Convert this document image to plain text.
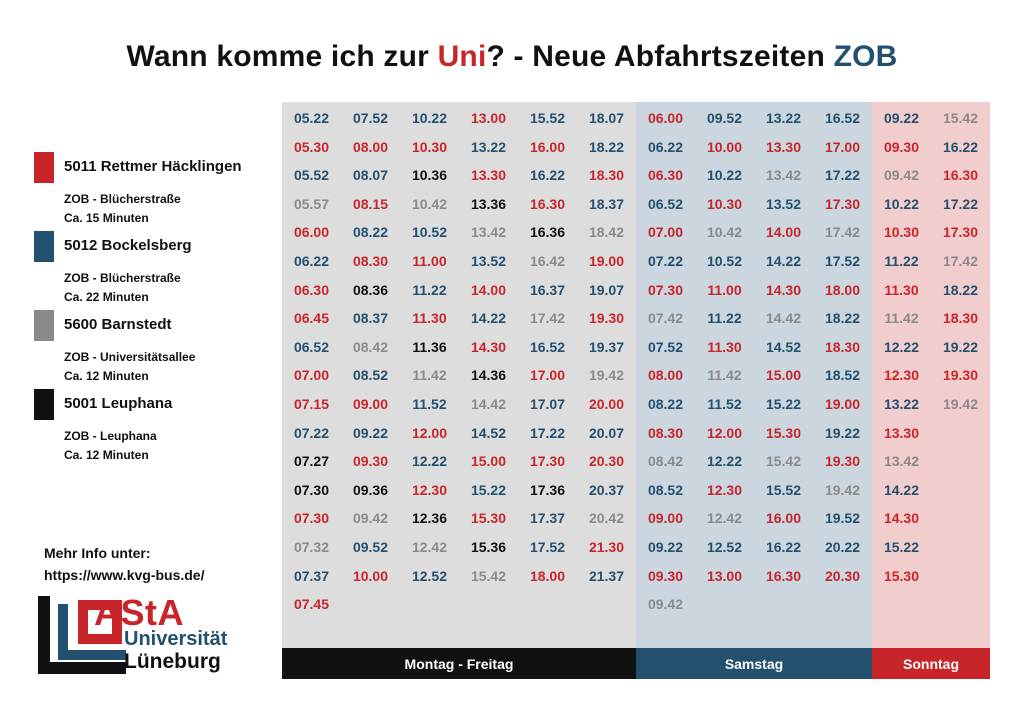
Wann komme ich zur Uni? - Neue Abfahrtszeiten ZOB
5011 Rettmer Häcklingen
ZOB - Blücherstraße
Ca. 15 Minuten
5012 Bockelsberg
ZOB - Blücherstraße
Ca. 22 Minuten
5600 Barnstedt
ZOB - Universitätsallee
Ca. 12 Minuten
5001 Leuphana
ZOB - Leuphana
Ca. 12 Minuten
Mehr Info unter:
https://www.kvg-bus.de/
AStA
Universität
Lüneburg
05.22
05.30
05.52
05.57
06.00
06.22
06.30
06.45
06.52
07.00
07.15
07.22
07.27
07.30
07.30
07.32
07.37
07.45
07.52
08.00
08.07
08.15
08.22
08.30
08.36
08.37
08.42
08.52
09.00
09.22
09.30
09.36
09.42
09.52
10.00
10.22
10.30
10.36
10.42
10.52
11.00
11.22
11.30
11.36
11.42
11.52
12.00
12.22
12.30
12.36
12.42
12.52
13.00
13.22
13.30
13.36
13.42
13.52
14.00
14.22
14.30
14.36
14.42
14.52
15.00
15.22
15.30
15.36
15.42
15.52
16.00
16.22
16.30
16.36
16.42
16.37
17.42
16.52
17.00
17.07
17.22
17.30
17.36
17.37
17.52
18.00
18.07
18.22
18.30
18.37
18.42
19.00
19.07
19.30
19.37
19.42
20.00
20.07
20.30
20.37
20.42
21.30
21.37
06.00
06.22
06.30
06.52
07.00
07.22
07.30
07.42
07.52
08.00
08.22
08.30
08.42
08.52
09.00
09.22
09.30
09.42
09.52
10.00
10.22
10.30
10.42
10.52
11.00
11.22
11.30
11.42
11.52
12.00
12.22
12.30
12.42
12.52
13.00
13.22
13.30
13.42
13.52
14.00
14.22
14.30
14.42
14.52
15.00
15.22
15.30
15.42
15.52
16.00
16.22
16.30
16.52
17.00
17.22
17.30
17.42
17.52
18.00
18.22
18.30
18.52
19.00
19.22
19.30
19.42
19.52
20.22
20.30
09.22
09.30
09.42
10.22
10.30
11.22
11.30
11.42
12.22
12.30
13.22
13.30
13.42
14.22
14.30
15.22
15.30
15.42
16.22
16.30
17.22
17.30
17.42
18.22
18.30
19.22
19.30
19.42
Montag - Freitag	Samstag	Sonntag
